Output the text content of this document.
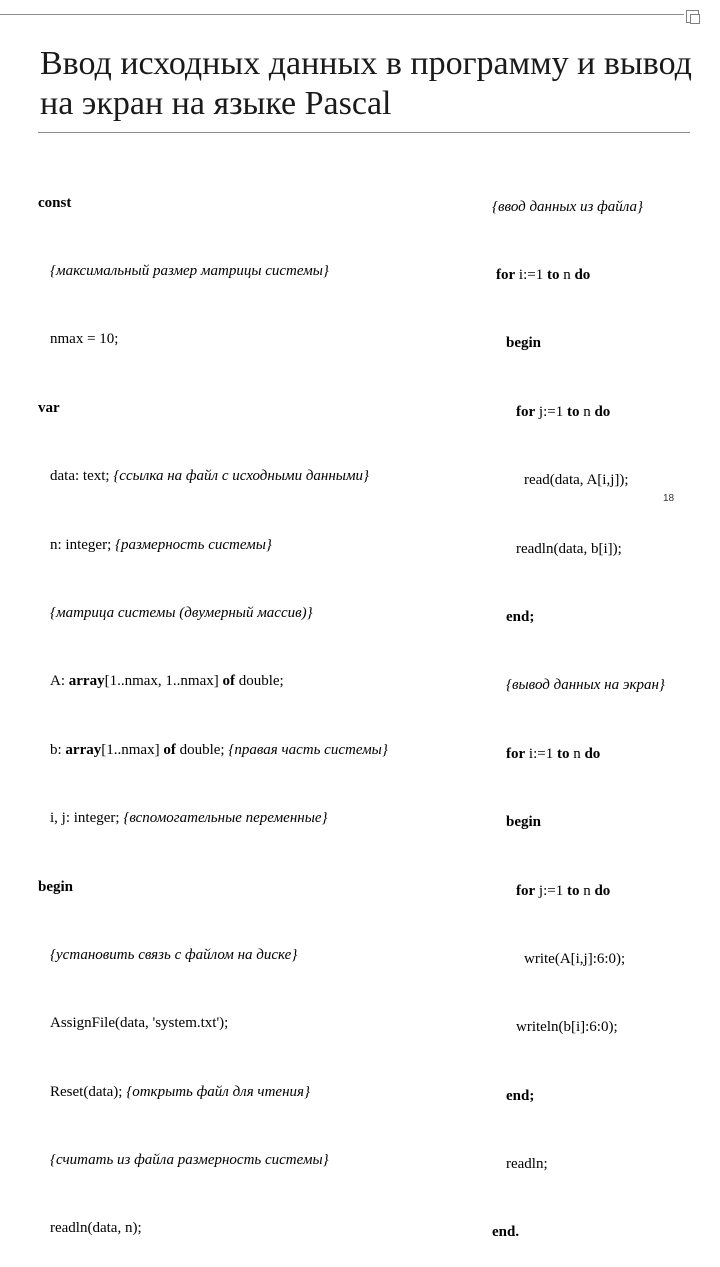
Ввод исходных данных в программу и вывод на экран на языке Pascal

const

{максимальный размер матрицы системы}

nmax = 10;

var

data: text; {ссылка на файл с исходными данными}

n: integer; {размерность системы}

{матрица системы (двумерный массив)}

A: array[1..nmax, 1..nmax] of double;

b: array[1..nmax] of double; {правая часть системы}

i, j: integer; {вспомогательные переменные}

begin

{установить связь с файлом на диске}

AssignFile(data, 'system.txt');

Reset(data); {открыть файл для чтения}

{считать из файла размерность системы}

readln(data, n);

{ввод данных из файла}

for i:=1 to n do

begin

for j:=1 to n do

read(data, A[i,j]);

readln(data, b[i]);

end;

{вывод данных на экран}

for i:=1 to n do

begin

for j:=1 to n do

write(A[i,j]:6:0);

writeln(b[i]:6:0);

end;

readln;

end.

18
